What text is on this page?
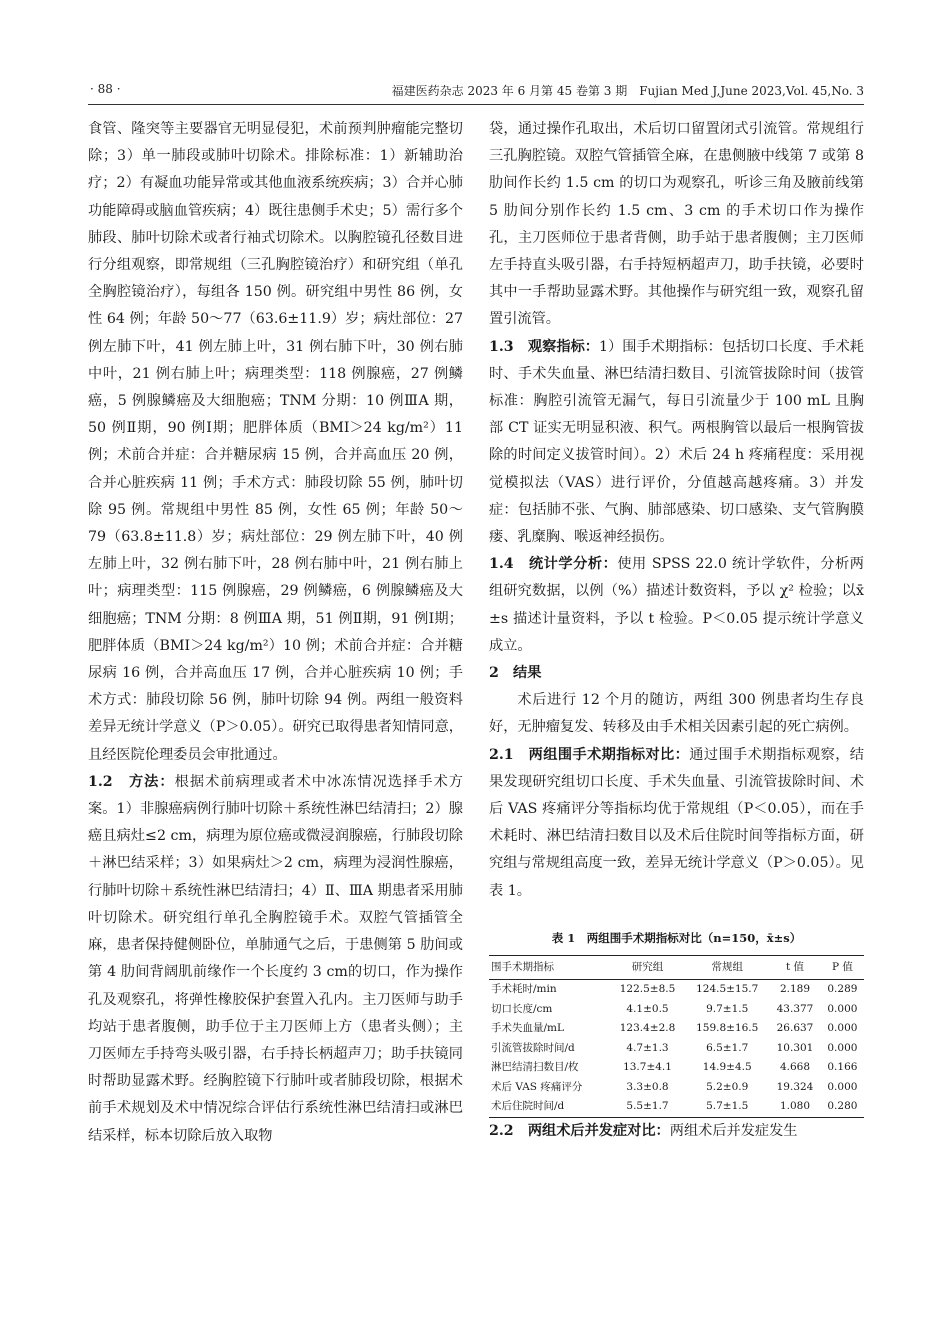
· 88 ·	福建医药杂志 2023 年 6 月第 45 卷第 3 期　Fujian Med J,June 2023,Vol. 45,No. 3

食管、隆突等主要器官无明显侵犯，术前预判肿瘤能完整切除；3）单一肺段或肺叶切除术。排除标准：1）新辅助治疗；2）有凝血功能异常或其他血液系统疾病；3）合并心肺功能障碍或脑血管疾病；4）既往患侧手术史；5）需行多个肺段、肺叶切除术或者行袖式切除术。以胸腔镜孔径数目进行分组观察，即常规组（三孔胸腔镜治疗）和研究组（单孔全胸腔镜治疗），每组各 150 例。研究组中男性 86 例，女性 64 例；年龄 50～77（63.6±11.9）岁；病灶部位：27 例左肺下叶，41 例左肺上叶，31 例右肺下叶，30 例右肺中叶，21 例右肺上叶；病理类型：118 例腺癌，27 例鳞癌，5 例腺鳞癌及大细胞癌；TNM 分期：10 例ⅢA 期，50 例Ⅱ期，90 例Ⅰ期；肥胖体质（BMI＞24 kg/m²）11 例；术前合并症：合并糖尿病 15 例，合并高血压 20 例，合并心脏疾病 11 例；手术方式：肺段切除 55 例，肺叶切除 95 例。常规组中男性 85 例，女性 65 例；年龄 50～79（63.8±11.8）岁；病灶部位：29 例左肺下叶，40 例左肺上叶，32 例右肺下叶，28 例右肺中叶，21 例右肺上叶；病理类型：115 例腺癌，29 例鳞癌，6 例腺鳞癌及大细胞癌；TNM 分期：8 例ⅢA 期，51 例Ⅱ期，91 例Ⅰ期；肥胖体质（BMI＞24 kg/m²）10 例；术前合并症：合并糖尿病 16 例，合并高血压 17 例，合并心脏疾病 10 例；手术方式：肺段切除 56 例，肺叶切除 94 例。两组一般资料差异无统计学意义（P＞0.05）。研究已取得患者知情同意，且经医院伦理委员会审批通过。

1.2　方法：根据术前病理或者术中冰冻情况选择手术方案。1）非腺癌病例行肺叶切除＋系统性淋巴结清扫；2）腺癌且病灶≤2 cm，病理为原位癌或微浸润腺癌，行肺段切除＋淋巴结采样；3）如果病灶＞2 cm，病理为浸润性腺癌，行肺叶切除＋系统性淋巴结清扫；4）Ⅱ、ⅢA 期患者采用肺叶切除术。研究组行单孔全胸腔镜手术。双腔气管插管全麻，患者保持健侧卧位，单肺通气之后，于患侧第 5 肋间或第 4 肋间背阔肌前缘作一个长度约 3 cm的切口，作为操作孔及观察孔，将弹性橡胶保护套置入孔内。主刀医师与助手均站于患者腹侧，助手位于主刀医师上方（患者头侧）；主刀医师左手持弯头吸引器，右手持长柄超声刀；助手扶镜同时帮助显露术野。经胸腔镜下行肺叶或者肺段切除，根据术前手术规划及术中情况综合评估行系统性淋巴结清扫或淋巴结采样，标本切除后放入取物

袋，通过操作孔取出，术后切口留置闭式引流管。常规组行三孔胸腔镜。双腔气管插管全麻，在患侧腋中线第 7 或第 8 肋间作长约 1.5 cm 的切口为观察孔，听诊三角及腋前线第 5 肋间分别作长约 1.5 cm、3 cm 的手术切口作为操作孔，主刀医师位于患者背侧，助手站于患者腹侧；主刀医师左手持直头吸引器，右手持短柄超声刀，助手扶镜，必要时其中一手帮助显露术野。其他操作与研究组一致，观察孔留置引流管。

1.3　观察指标：1）围手术期指标：包括切口长度、手术耗时、手术失血量、淋巴结清扫数目、引流管拔除时间（拔管标准：胸腔引流管无漏气，每日引流量少于 100 mL 且胸部 CT 证实无明显积液、积气。两根胸管以最后一根胸管拔除的时间定义拔管时间）。2）术后 24 h 疼痛程度：采用视觉模拟法（VAS）进行评价，分值越高越疼痛。3）并发症：包括肺不张、气胸、肺部感染、切口感染、支气管胸膜瘘、乳糜胸、喉返神经损伤。

1.4　统计学分析：使用 SPSS 22.0 统计学软件，分析两组研究数据，以例（%）描述计数资料，予以 χ² 检验；以x̄ ±s 描述计量资料，予以 t 检验。P＜0.05 提示统计学意义成立。

2　结果

术后进行 12 个月的随访，两组 300 例患者均生存良好，无肿瘤复发、转移及由手术相关因素引起的死亡病例。

2.1　两组围手术期指标对比：通过围手术期指标观察，结果发现研究组切口长度、手术失血量、引流管拔除时间、术后 VAS 疼痛评分等指标均优于常规组（P＜0.05），而在手术耗时、淋巴结清扫数目以及术后住院时间等指标方面，研究组与常规组高度一致，差异无统计学意义（P＞0.05）。见表 1。

表 1　两组围手术期指标对比（n=150，x̄±s）
围手术期指标	研究组	常规组	t 值	P 值
手术耗时/min	122.5±8.5	124.5±15.7	2.189	0.289
切口长度/cm	4.1±0.5	9.7±1.5	43.377	0.000
手术失血量/mL	123.4±2.8	159.8±16.5	26.637	0.000
引流管拔除时间/d	4.7±1.3	6.5±1.7	10.301	0.000
淋巴结清扫数目/枚	13.7±4.1	14.9±4.5	4.668	0.166
术后 VAS 疼痛评分	3.3±0.8	5.2±0.9	19.324	0.000
术后住院时间/d	5.5±1.7	5.7±1.5	1.080	0.280

2.2　两组术后并发症对比：两组术后并发症发生
